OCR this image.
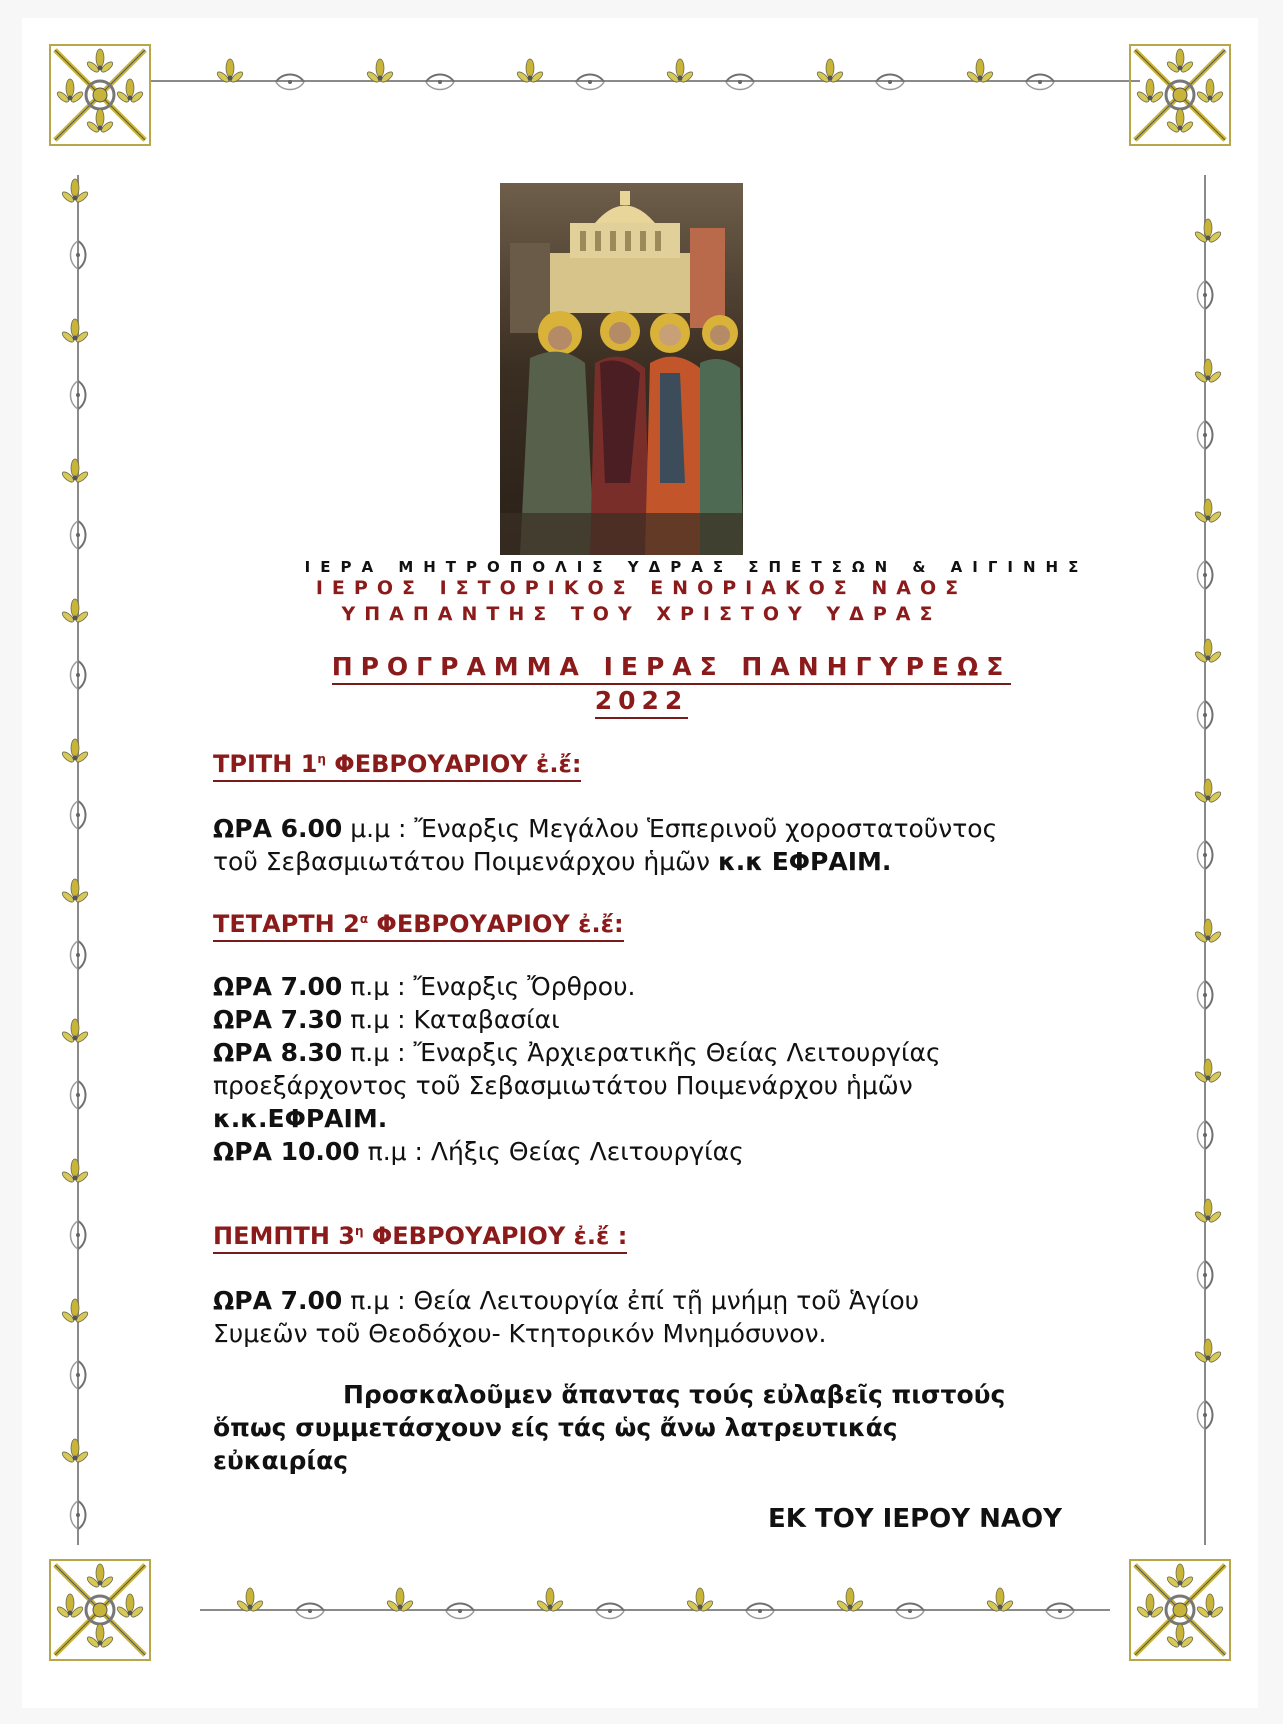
ΙΕΡΑ ΜΗΤΡΟΠΟΛΙΣ ΥΔΡΑΣ ΣΠΕΤΣΩΝ & ΑΙΓΙΝΗΣ
ΙΕΡΟΣ ΙΣΤΟΡΙΚΟΣ ΕΝΟΡΙΑΚΟΣ ΝΑΟΣ
ΥΠΑΠΑΝΤΗΣ ΤΟΥ ΧΡΙΣΤΟΥ ΥΔΡΑΣ
ΠΡΟΓΡΑΜΜΑ ΙΕΡΑΣ ΠΑΝΗΓΥΡΕΩΣ
2022
ΤΡΙΤΗ $1^\eta$ ΦΕΒΡΟΥΑΡΙΟΥ ἐ.ἔ:
ΩΡΑ 6.00 μ.μ : Ἔναρξις Μεγάλου Ἑσπερινοῦ χοροστατοῦντος
τοῦ Σεβασμιωτάτου Ποιμενάρχου ἡμῶν κ.κ ΕΦΡΑΙΜ.
ΤΕΤΑΡΤΗ $2^\alpha$ ΦΕΒΡΟΥΑΡΙΟΥ ἐ.ἔ:
ΩΡΑ 7.00 π.μ : Ἔναρξις Ὄρθρου.
ΩΡΑ 7.30 π.μ : Καταβασίαι
ΩΡΑ 8.30 π.μ : Ἔναρξις Ἀρχιερατικῆς Θείας Λειτουργίας
προεξάρχοντος τοῦ Σεβασμιωτάτου Ποιμενάρχου ἡμῶν
κ.κ.ΕΦΡΑΙΜ.
ΩΡΑ 10.00 π.μ : Λήξις Θείας Λειτουργίας
ΠΕΜΠΤΗ $3^\eta$ ΦΕΒΡΟΥΑΡΙΟΥ ἐ.ἔ :
ΩΡΑ 7.00 π.μ : Θεία Λειτουργία ἐπί τῇ μνήμῃ τοῦ Ἁγίου
Συμεῶν τοῦ Θεοδόχου- Κτητορικόν Μνημόσυνον.
Προσκαλοῦμεν ἅπαντας τούς εὐλαβεῖς πιστούς
ὅπως συμμετάσχουν είς τάς ὡς ἄνω λατρευτικάς
εὐκαιρίας
ΕΚ ΤΟΥ ΙΕΡΟΥ ΝΑΟΥ
